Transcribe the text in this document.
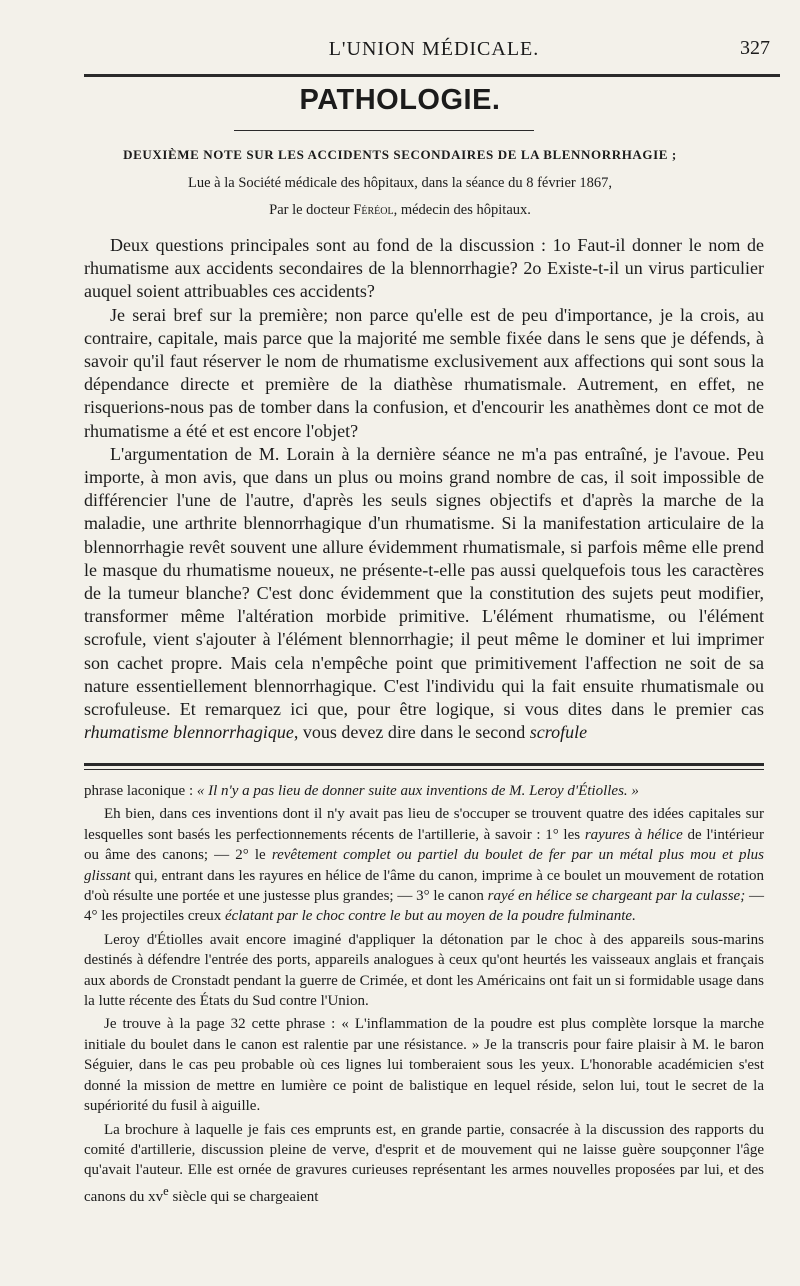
L'UNION MÉDICALE.	327
PATHOLOGIE.
DEUXIÈME NOTE SUR LES ACCIDENTS SECONDAIRES DE LA BLENNORRHAGIE ;
Lue à la Société médicale des hôpitaux, dans la séance du 8 février 1867,
Par le docteur Féréol, médecin des hôpitaux.

Deux questions principales sont au fond de la discussion : 1o Faut-il donner le nom de rhumatisme aux accidents secondaires de la blennorrhagie? 2o Existe-t-il un virus particulier auquel soient attribuables ces accidents?

Je serai bref sur la première; non parce qu'elle est de peu d'importance, je la crois, au contraire, capitale, mais parce que la majorité me semble fixée dans le sens que je défends, à savoir qu'il faut réserver le nom de rhumatisme exclusivement aux affections qui sont sous la dépendance directe et première de la diathèse rhumatismale. Autrement, en effet, ne risquerions-nous pas de tomber dans la confusion, et d'encourir les anathèmes dont ce mot de rhumatisme a été et est encore l'objet?

L'argumentation de M. Lorain à la dernière séance ne m'a pas entraîné, je l'avoue. Peu importe, à mon avis, que dans un plus ou moins grand nombre de cas, il soit impossible de différencier l'une de l'autre, d'après les seuls signes objectifs et d'après la marche de la maladie, une arthrite blennorrhagique d'un rhumatisme. Si la manifestation articulaire de la blennorrhagie revêt souvent une allure évidemment rhumatismale, si parfois même elle prend le masque du rhumatisme noueux, ne présente-t-elle pas aussi quelquefois tous les caractères de la tumeur blanche? C'est donc évidemment que la constitution des sujets peut modifier, transformer même l'altération morbide primitive. L'élément rhumatisme, ou l'élément scrofule, vient s'ajouter à l'élément blennorrhagie; il peut même le dominer et lui imprimer son cachet propre. Mais cela n'empêche point que primitivement l'affection ne soit de sa nature essentiellement blennorrhagique. C'est l'individu qui la fait ensuite rhumatismale ou scrofuleuse. Et remarquez ici que, pour être logique, si vous dites dans le premier cas rhumatisme blennorrhagique, vous devez dire dans le second scrofule

phrase laconique : « Il n'y a pas lieu de donner suite aux inventions de M. Leroy d'Étiolles. »

Eh bien, dans ces inventions dont il n'y avait pas lieu de s'occuper se trouvent quatre des idées capitales sur lesquelles sont basés les perfectionnements récents de l'artillerie, à savoir : 1° les rayures à hélice de l'intérieur ou âme des canons; — 2° le revêtement complet ou partiel du boulet de fer par un métal plus mou et plus glissant qui, entrant dans les rayures en hélice de l'âme du canon, imprime à ce boulet un mouvement de rotation d'où résulte une portée et une justesse plus grandes; — 3° le canon rayé en hélice se chargeant par la culasse; — 4° les projectiles creux éclatant par le choc contre le but au moyen de la poudre fulminante.

Leroy d'Étiolles avait encore imaginé d'appliquer la détonation par le choc à des appareils sous-marins destinés à défendre l'entrée des ports, appareils analogues à ceux qu'ont heurtés les vaisseaux anglais et français aux abords de Cronstadt pendant la guerre de Crimée, et dont les Américains ont fait un si formidable usage dans la lutte récente des États du Sud contre l'Union.

Je trouve à la page 32 cette phrase : « L'inflammation de la poudre est plus complète lorsque la marche initiale du boulet dans le canon est ralentie par une résistance. » Je la transcris pour faire plaisir à M. le baron Séguier, dans le cas peu probable où ces lignes lui tomberaient sous les yeux. L'honorable académicien s'est donné la mission de mettre en lumière ce point de balistique en lequel réside, selon lui, tout le secret de la supériorité du fusil à aiguille.

La brochure à laquelle je fais ces emprunts est, en grande partie, consacrée à la discussion des rapports du comité d'artillerie, discussion pleine de verve, d'esprit et de mouvement qui ne laisse guère soupçonner l'âge qu'avait l'auteur. Elle est ornée de gravures curieuses représentant les armes nouvelles proposées par lui, et des canons du $xv^e$ siècle qui se chargeaient
